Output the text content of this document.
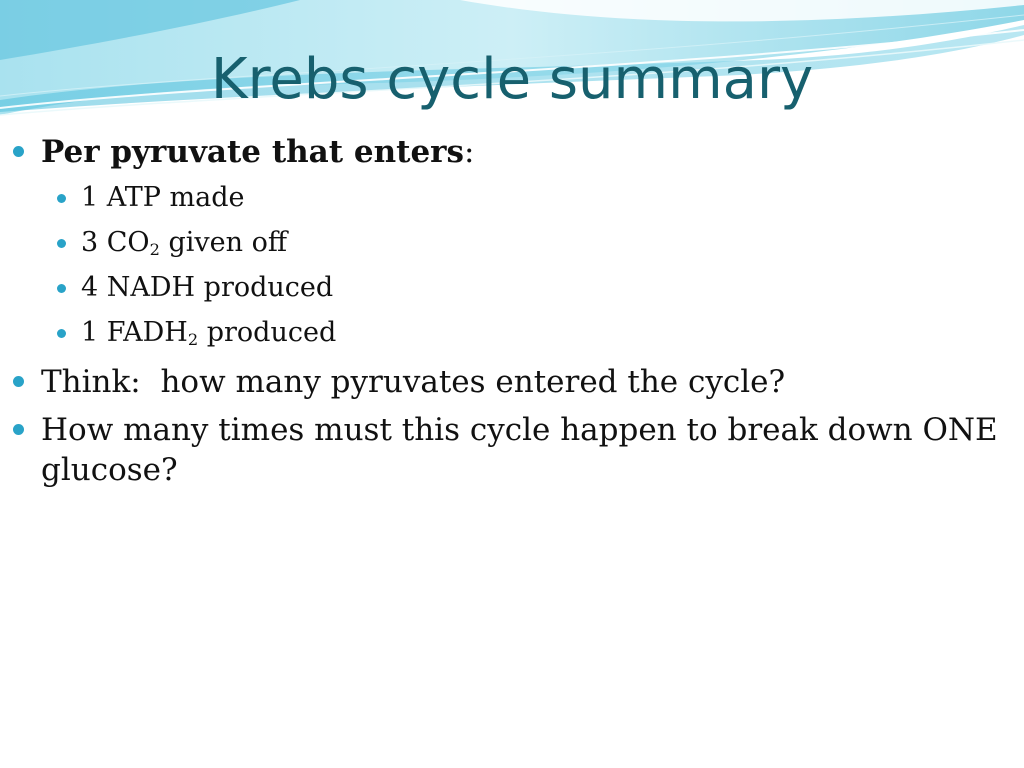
Krebs cycle summary
Per pyruvate that enters:
1 ATP made
3 $CO_2$ given off
4 NADH produced
1 $FADH_2$ produced
Think:  how many pyruvates entered the cycle?
How many times must this cycle happen to break down ONE
glucose?
